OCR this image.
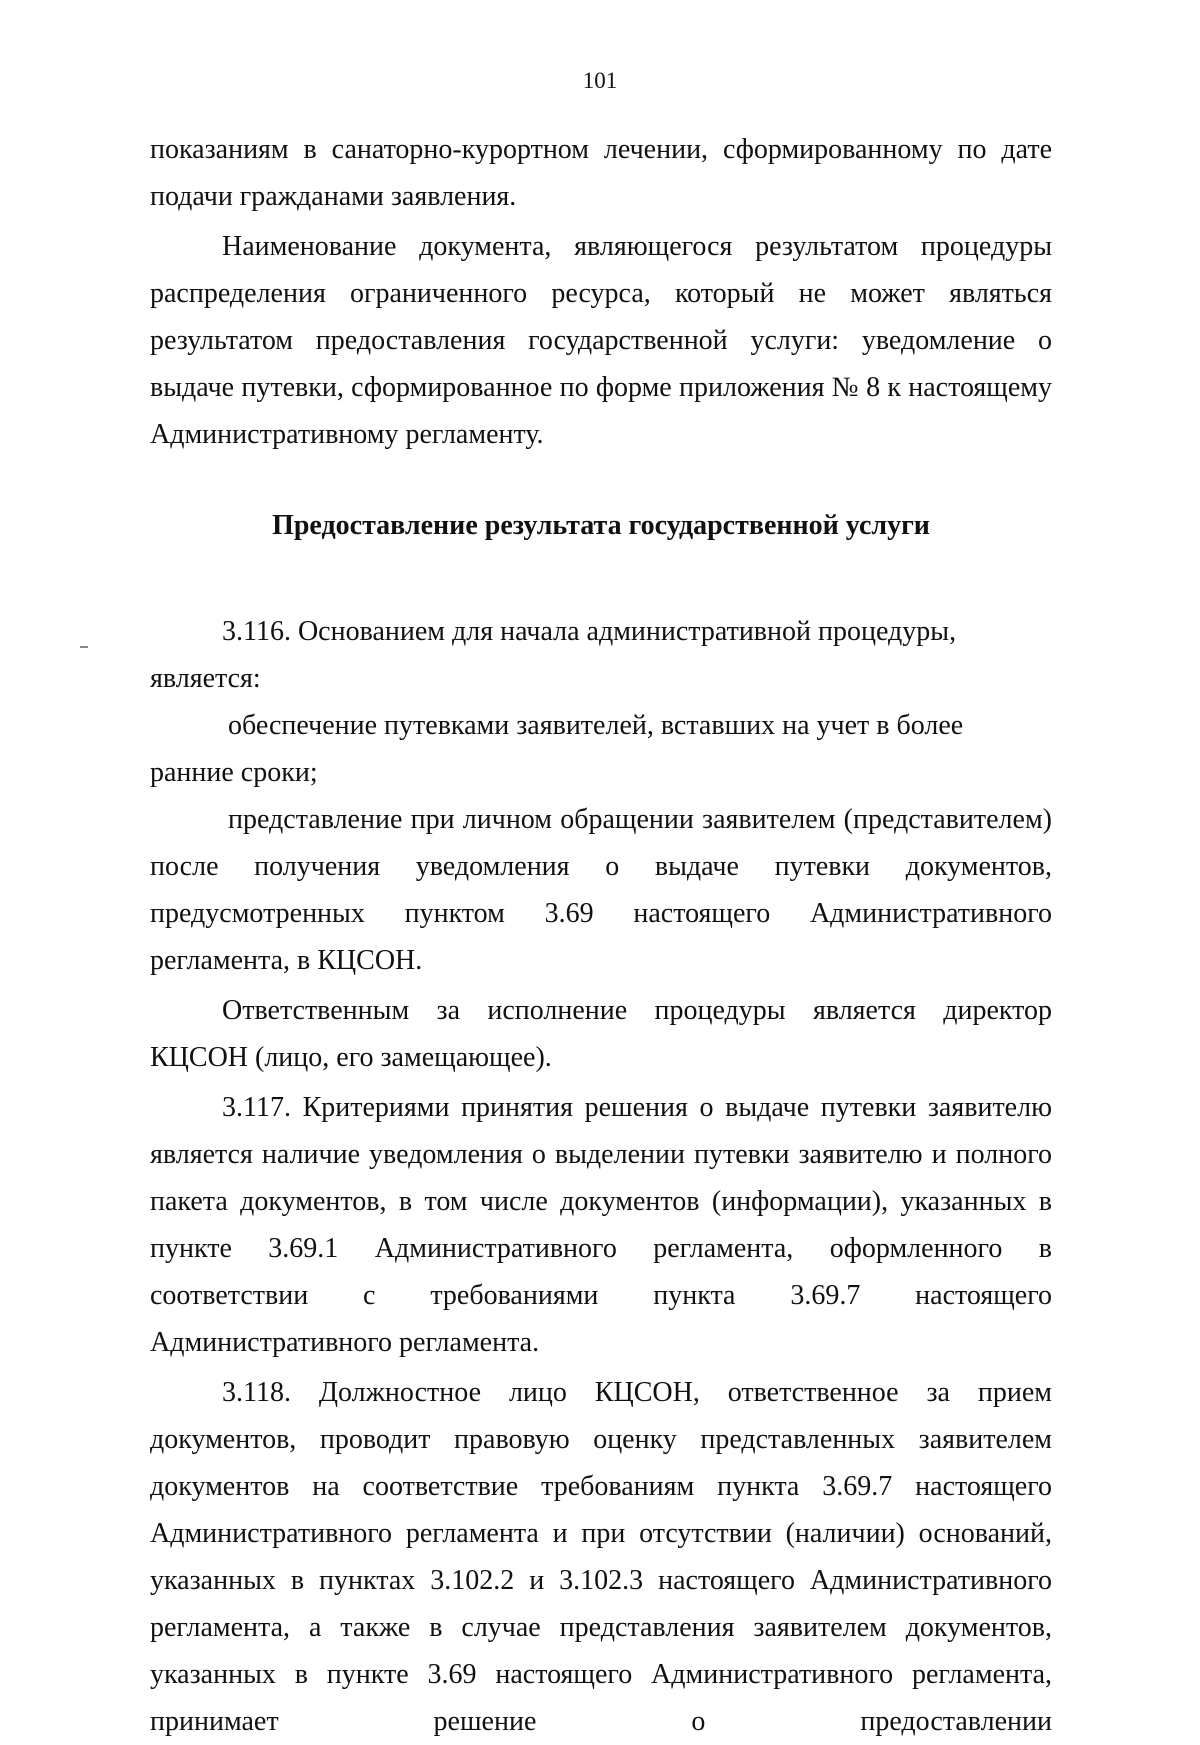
101

показаниям в санаторно-курортном лечении, сформированному по дате подачи гражданами заявления.

Наименование документа, являющегося результатом процедуры распределения ограниченного ресурса, который не может являться результатом предоставления государственной услуги: уведомление о выдаче путевки, сформированное по форме приложения № 8 к настоящему Административному регламенту.

Предоставление результата государственной услуги

3.116. Основанием для начала административной процедуры, является:

обеспечение путевками заявителей, вставших на учет в более ранние сроки;

представление при личном обращении заявителем (представителем) после получения уведомления о выдаче путевки документов, предусмотренных пунктом 3.69 настоящего Административного регламента, в КЦСОН.

Ответственным за исполнение процедуры является директор КЦСОН (лицо, его замещающее).

3.117. Критериями принятия решения о выдаче путевки заявителю является наличие уведомления о выделении путевки заявителю и полного пакета документов, в том числе документов (информации), указанных в пункте 3.69.1 Административного регламента, оформленного в соответствии с требованиями пункта 3.69.7 настоящего Административного регламента.

3.118. Должностное лицо КЦСОН, ответственное за прием документов, проводит правовую оценку представленных заявителем документов на соответствие требованиям пункта 3.69.7 настоящего Административного регламента и при отсутствии (наличии) оснований, указанных в пунктах 3.102.2 и 3.102.3 настоящего Административного регламента, а также в случае представления заявителем документов, указанных в пункте 3.69 настоящего Административного регламента, принимает решение о предоставлении
